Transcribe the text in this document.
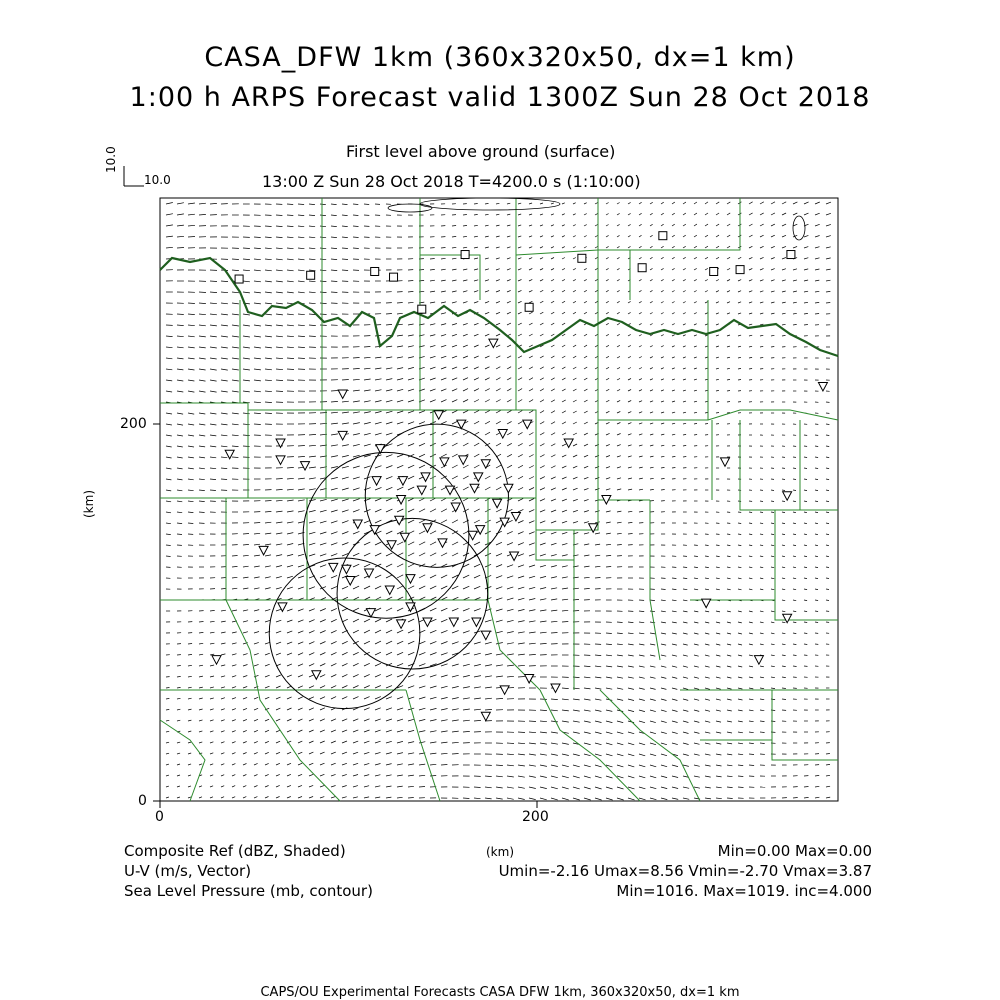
CASA_DFW 1km (360x320x50, dx=1 km)
1:00 h ARPS Forecast valid 1300Z Sun 28 Oct 2018
First level above ground (surface)
13:00 Z Sun 28 Oct 2018 T=4200.0 s (1:10:00)
10.0
10.0
0	200
0
200
(km)
(km)
Composite Ref (dBZ, Shaded)	Min=0.00 Max=0.00
U-V (m/s, Vector)	Umin=-2.16 Umax=8.56 Vmin=-2.70 Vmax=3.87
Sea Level Pressure (mb, contour)	Min=1016. Max=1019. inc=4.000
CAPS/OU Experimental Forecasts CASA DFW 1km, 360x320x50, dx=1 km
